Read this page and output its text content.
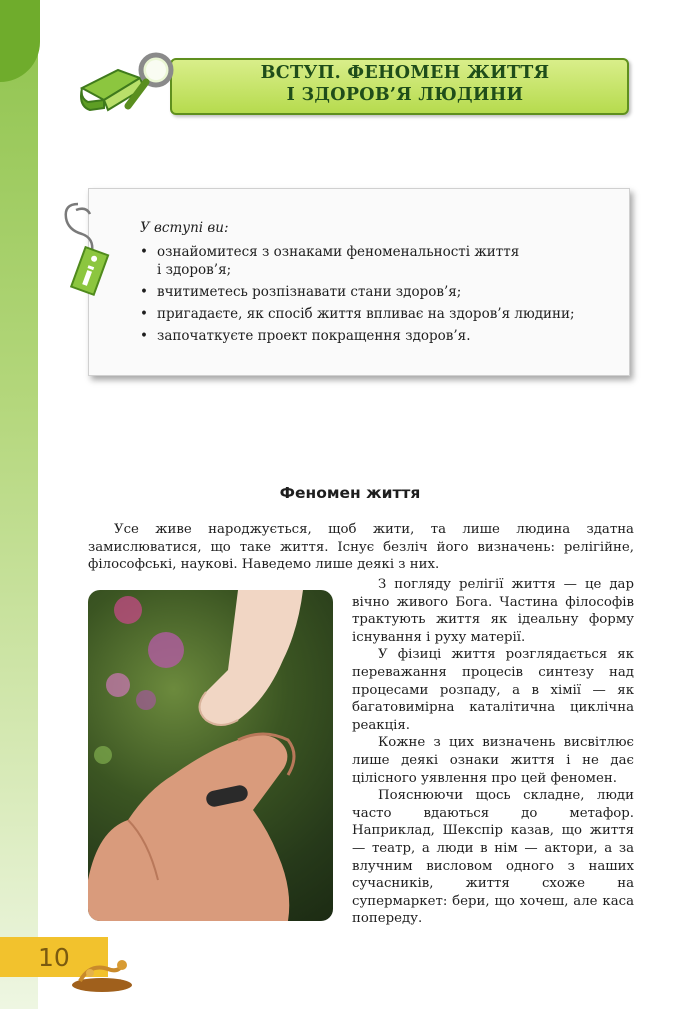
ВСТУП. ФЕНОМЕН ЖИТТЯ
І ЗДОРОВ’Я ЛЮДИНИ
У вступі ви:
• ознайомитеся з ознаками феноменальності життя
і здоров’я;
• вчитиметесь розпізнавати стани здоров’я;
• пригадаєте, як спосіб життя впливає на здоров’я людини;
• започаткуєте проект покращення здоров’я.
Феномен життя

Усе живе народжується, щоб жити, та лише людина здатна замислюватися, що таке життя. Існує безліч його визначень: релігійне, філософські, наукові. Наведемо лише деякі з них.

З погляду релігії життя — це дар вічно живого Бога. Частина філософів трактують життя як ідеальну форму існування і руху матерії.

У фізиці життя розглядається як переважання процесів синтезу над процесами розпаду, а в хімії — як багатовимірна каталітична циклічна реакція.

Кожне з цих визначень висвітлює лише деякі ознаки життя і не дає цілісного уявлення про цей феномен.

Пояснюючи щось складне, люди часто вдаються до метафор. Наприклад, Шекспір казав, що життя — театр, а люди в нім — актори, а за влучним висловом одного з наших сучасників, життя схоже на супермаркет: бери, що хочеш, але каса попереду.

10
